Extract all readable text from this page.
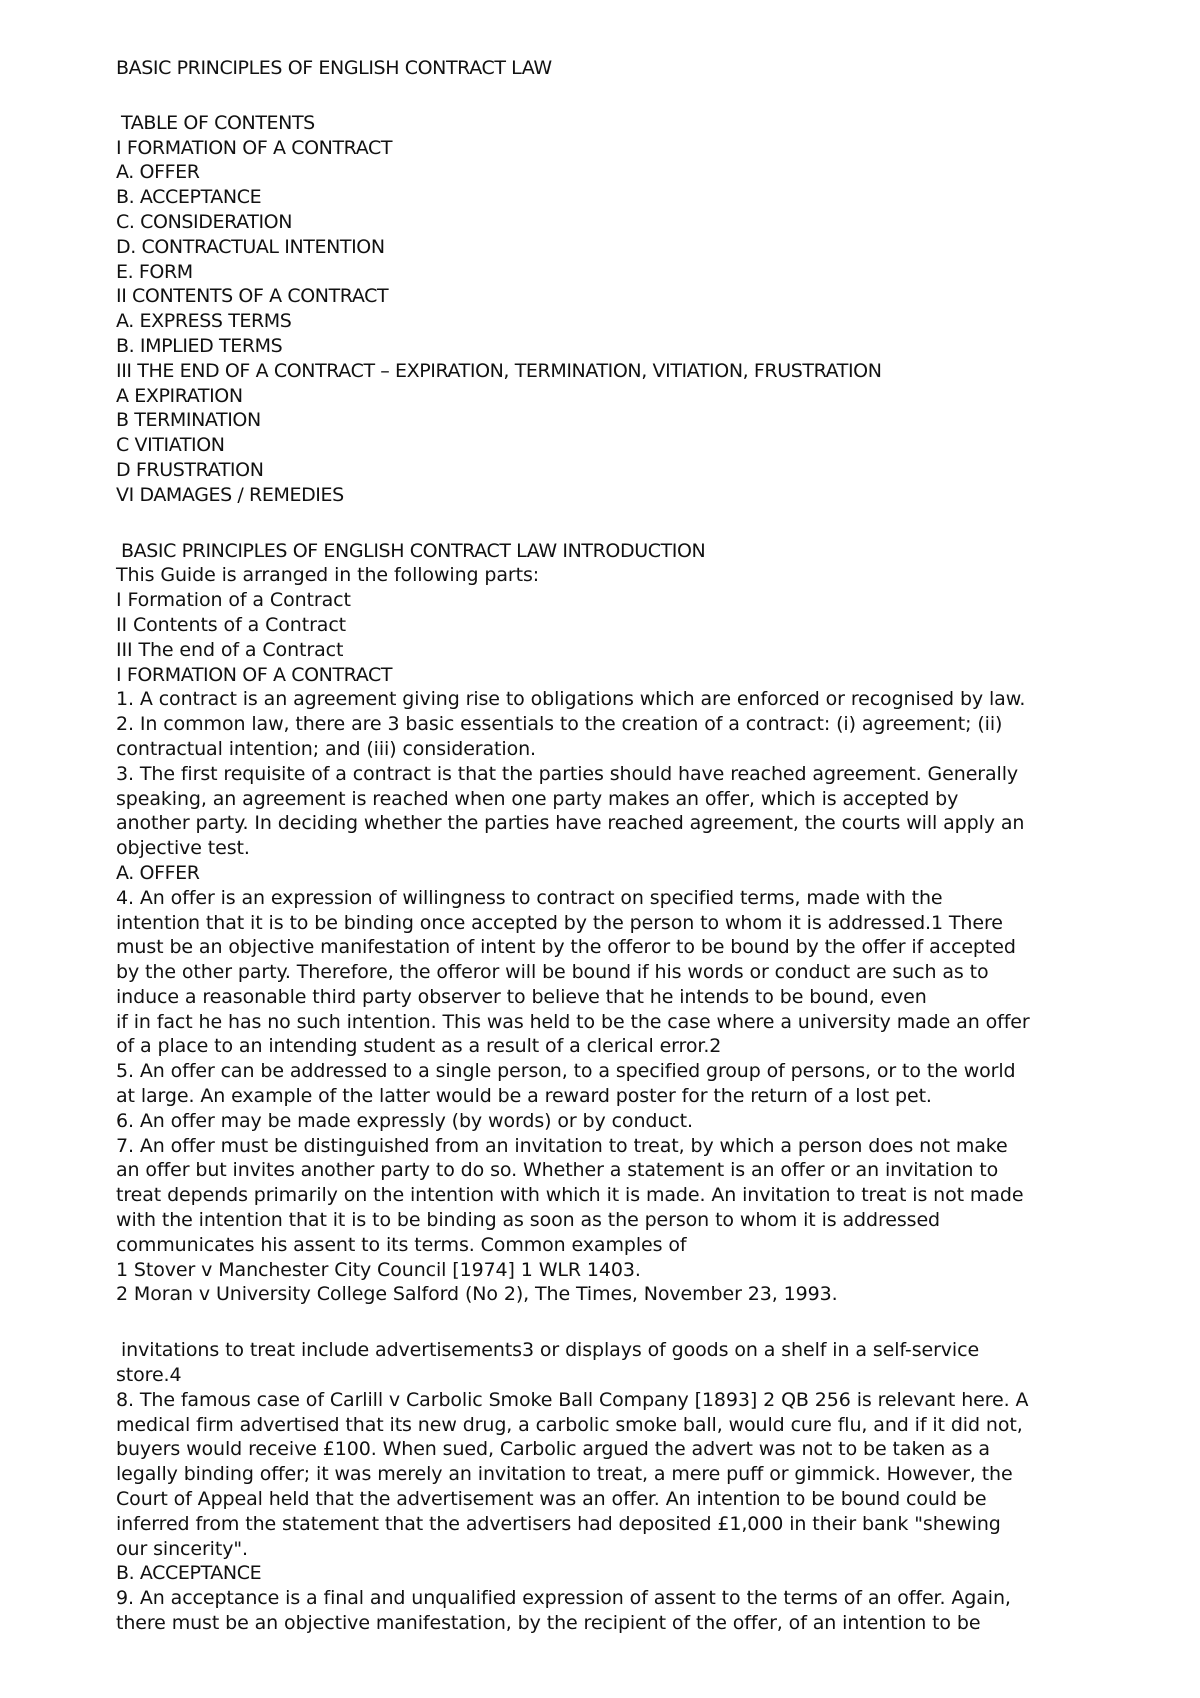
BASIC PRINCIPLES OF ENGLISH CONTRACT LAW
TABLE OF CONTENTS
I FORMATION OF A CONTRACT
A. OFFER
B. ACCEPTANCE
C. CONSIDERATION
D. CONTRACTUAL INTENTION
E. FORM
II CONTENTS OF A CONTRACT
A. EXPRESS TERMS
B. IMPLIED TERMS
III THE END OF A CONTRACT – EXPIRATION, TERMINATION, VITIATION, FRUSTRATION
A EXPIRATION
B TERMINATION
C VITIATION
D FRUSTRATION
VI DAMAGES / REMEDIES
BASIC PRINCIPLES OF ENGLISH CONTRACT LAW INTRODUCTION
This Guide is arranged in the following parts:
I Formation of a Contract
II Contents of a Contract
III The end of a Contract
I FORMATION OF A CONTRACT
1. A contract is an agreement giving rise to obligations which are enforced or recognised by law.
2. In common law, there are 3 basic essentials to the creation of a contract: (i) agreement; (ii)
contractual intention; and (iii) consideration.
3. The first requisite of a contract is that the parties should have reached agreement. Generally
speaking, an agreement is reached when one party makes an offer, which is accepted by
another party. In deciding whether the parties have reached agreement, the courts will apply an
objective test.
A. OFFER
4. An offer is an expression of willingness to contract on specified terms, made with the
intention that it is to be binding once accepted by the person to whom it is addressed.1 There
must be an objective manifestation of intent by the offeror to be bound by the offer if accepted
by the other party. Therefore, the offeror will be bound if his words or conduct are such as to
induce a reasonable third party observer to believe that he intends to be bound, even
if in fact he has no such intention. This was held to be the case where a university made an offer
of a place to an intending student as a result of a clerical error.2
5. An offer can be addressed to a single person, to a specified group of persons, or to the world
at large. An example of the latter would be a reward poster for the return of a lost pet.
6. An offer may be made expressly (by words) or by conduct.
7. An offer must be distinguished from an invitation to treat, by which a person does not make
an offer but invites another party to do so. Whether a statement is an offer or an invitation to
treat depends primarily on the intention with which it is made. An invitation to treat is not made
with the intention that it is to be binding as soon as the person to whom it is addressed
communicates his assent to its terms. Common examples of
1 Stover v Manchester City Council [1974] 1 WLR 1403.
2 Moran v University College Salford (No 2), The Times, November 23, 1993.
invitations to treat include advertisements3 or displays of goods on a shelf in a self-service
store.4
8. The famous case of Carlill v Carbolic Smoke Ball Company [1893] 2 QB 256 is relevant here. A
medical firm advertised that its new drug, a carbolic smoke ball, would cure flu, and if it did not,
buyers would receive £100. When sued, Carbolic argued the advert was not to be taken as a
legally binding offer; it was merely an invitation to treat, a mere puff or gimmick. However, the
Court of Appeal held that the advertisement was an offer. An intention to be bound could be
inferred from the statement that the advertisers had deposited £1,000 in their bank "shewing
our sincerity".
B. ACCEPTANCE
9. An acceptance is a final and unqualified expression of assent to the terms of an offer. Again,
there must be an objective manifestation, by the recipient of the offer, of an intention to be
